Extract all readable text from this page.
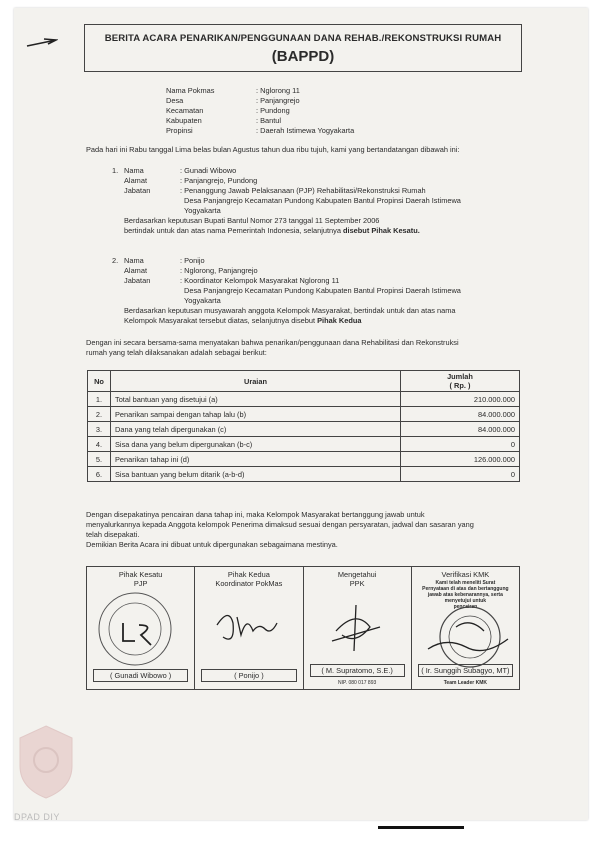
BERITA ACARA PENARIKAN/PENGGUNAAN DANA REHAB./REKONSTRUKSI RUMAH
(BAPPD)
Nama Pokmas	: Nglorong 11
Desa	: Panjangrejo
Kecamatan	: Pundong
Kabupaten	: Bantul
Propinsi	: Daerah Istimewa Yogyakarta
Pada hari ini Rabu tanggal Lima belas bulan Agustus tahun dua ribu tujuh, kami yang bertandatangan dibawah ini:
1. Nama	: Gunadi Wibowo
Alamat	: Panjangrejo, Pundong
Jabatan	: Penanggung Jawab Pelaksanaan (PJP) Rehabilitasi/Rekonstruksi Rumah
Desa Panjangrejo Kecamatan Pundong Kabupaten Bantul Propinsi Daerah Istimewa
Yogyakarta
Berdasarkan keputusan Bupati Bantul Nomor 273 tanggal 11 September 2006
bertindak untuk dan atas nama Pemerintah Indonesia, selanjutnya disebut Pihak Kesatu.
2. Nama	: Ponijo
Alamat	: Nglorong, Panjangrejo
Jabatan	: Koordinator Kelompok Masyarakat Nglorong 11
Desa Panjangrejo Kecamatan Pundong Kabupaten Bantul Propinsi Daerah Istimewa
Yogyakarta
Berdasarkan keputusan musyawarah anggota Kelompok Masyarakat, bertindak untuk dan atas nama
Kelompok Masyarakat tersebut diatas, selanjutnya disebut Pihak Kedua
Dengan ini secara bersama-sama menyatakan bahwa penarikan/penggunaan dana Rehabilitasi dan Rekonstruksi
rumah yang telah dilaksanakan adalah sebagai berikut:
No	Uraian	Jumlah
( Rp. )
1.	Total bantuan yang disetujui (a)	210.000.000
2.	Penarikan sampai dengan tahap lalu (b)	84.000.000
3.	Dana yang telah dipergunakan (c)	84.000.000
4.	Sisa dana yang belum dipergunakan (b-c)	0
5.	Penarikan tahap ini (d)	126.000.000
6.	Sisa bantuan yang belum ditarik (a-b-d)	0
Dengan disepakatinya pencairan dana tahap ini, maka Kelompok Masyarakat bertanggung jawab untuk
menyalurkannya kepada Anggota kelompok Penerima dimaksud sesuai dengan persyaratan, jadwal dan sasaran yang
telah disepakati.
Demikian Berita Acara ini dibuat untuk dipergunakan sebagaimana mestinya.
Pihak Kesatu
PJP
( Gunadi Wibowo )
Pihak Kedua
Koordinator PokMas
( Ponijo )
Mengetahui
PPK
( M. Supratomo, S.E.)
NIP. 080 017 893
Verifikasi KMK
Kami telah meneliti Surat
Pernyataan di atas dan bertanggung
jawab atas kebenarannya, serta
menyetujui untuk
pencairan
( Ir. Sunggih Subagyo, MT)
Team Leader KMK
DPAD DIY
